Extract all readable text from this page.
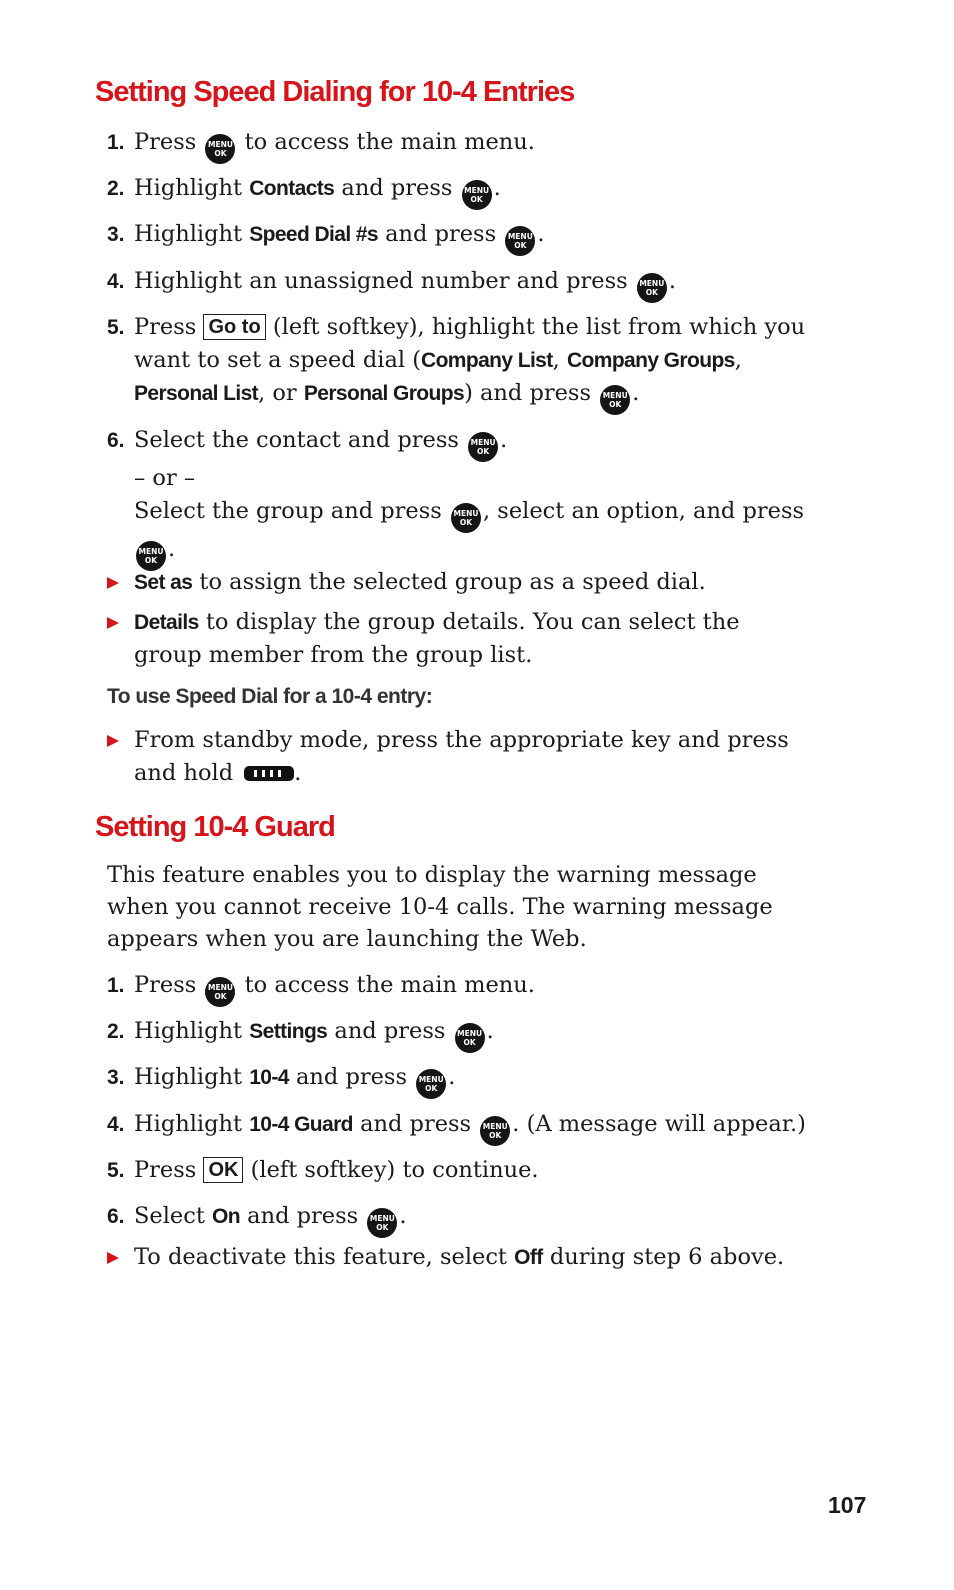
Setting Speed Dialing for 10-4 Entries
1. Press MENU
OK to access the main menu.
2. Highlight Contacts and press MENU
OK .
3. Highlight Speed Dial #s and press MENU
OK .
4. Highlight an unassigned number and press MENU
OK .
5. Press Go to (left softkey), highlight the list from which you want to set a speed dial (Company List, Company Groups, Personal List, or Personal Groups) and press MENU
OK .
6. Select the contact and press MENU
OK .
– or –
Select the group and press MENU
OK , select an option, and press
MENU
OK .
Set as to assign the selected group as a speed dial.
Details to display the group details. You can select the group member from the group list.
To use Speed Dial for a 10-4 entry:
From standby mode, press the appropriate key and press and hold
.
Setting 10-4 Guard
This feature enables you to display the warning message when you cannot receive 10-4 calls. The warning message appears when you are launching the Web.
1. Press MENU
OK to access the main menu.
2. Highlight Settings and press MENU
OK .
3. Highlight 10-4 and press MENU
OK .
4. Highlight 10-4 Guard and press MENU
OK . (A message will appear.)
5. Press OK (left softkey) to continue.
6. Select On and press MENU
OK .
To deactivate this feature, select Off during step 6 above.
107
